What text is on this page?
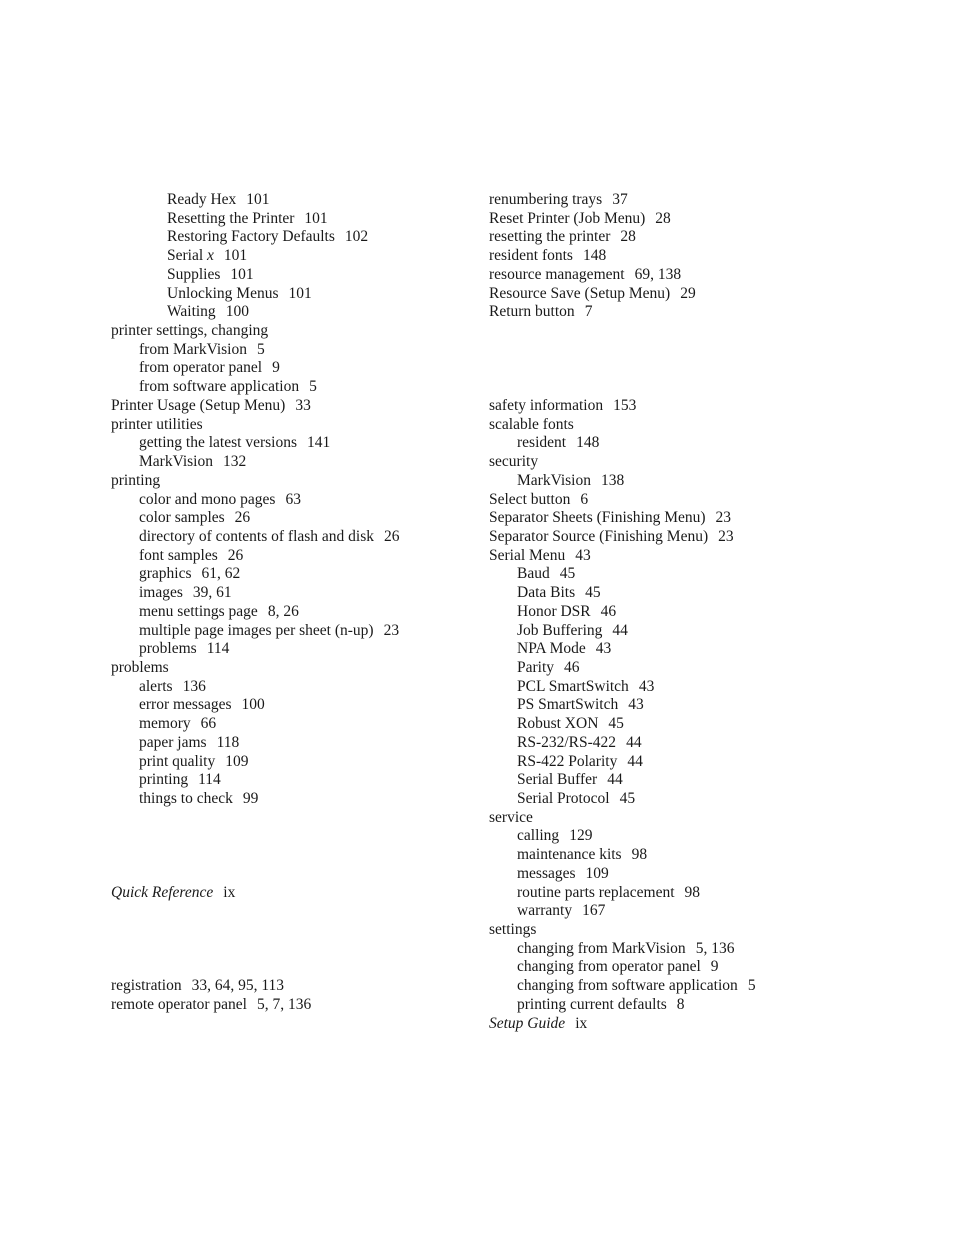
Ready Hex 101
Resetting the Printer 101
Restoring Factory Defaults 102
Serial x 101
Supplies 101
Unlocking Menus 101
Waiting 100
printer settings, changing
from MarkVision 5
from operator panel 9
from software application 5
Printer Usage (Setup Menu) 33
printer utilities
getting the latest versions 141
MarkVision 132
printing
color and mono pages 63
color samples 26
directory of contents of flash and disk 26
font samples 26
graphics 61, 62
images 39, 61
menu settings page 8, 26
multiple page images per sheet (n-up) 23
problems 114
problems
alerts 136
error messages 100
memory 66
paper jams 118
print quality 109
printing 114
things to check 99
Quick Reference ix
registration 33, 64, 95, 113
remote operator panel 5, 7, 136
renumbering trays 37
Reset Printer (Job Menu) 28
resetting the printer 28
resident fonts 148
resource management 69, 138
Resource Save (Setup Menu) 29
Return button 7
safety information 153
scalable fonts
resident 148
security
MarkVision 138
Select button 6
Separator Sheets (Finishing Menu) 23
Separator Source (Finishing Menu) 23
Serial Menu 43
Baud 45
Data Bits 45
Honor DSR 46
Job Buffering 44
NPA Mode 43
Parity 46
PCL SmartSwitch 43
PS SmartSwitch 43
Robust XON 45
RS-232/RS-422 44
RS-422 Polarity 44
Serial Buffer 44
Serial Protocol 45
service
calling 129
maintenance kits 98
messages 109
routine parts replacement 98
warranty 167
settings
changing from MarkVision 5, 136
changing from operator panel 9
changing from software application 5
printing current defaults 8
Setup Guide ix
